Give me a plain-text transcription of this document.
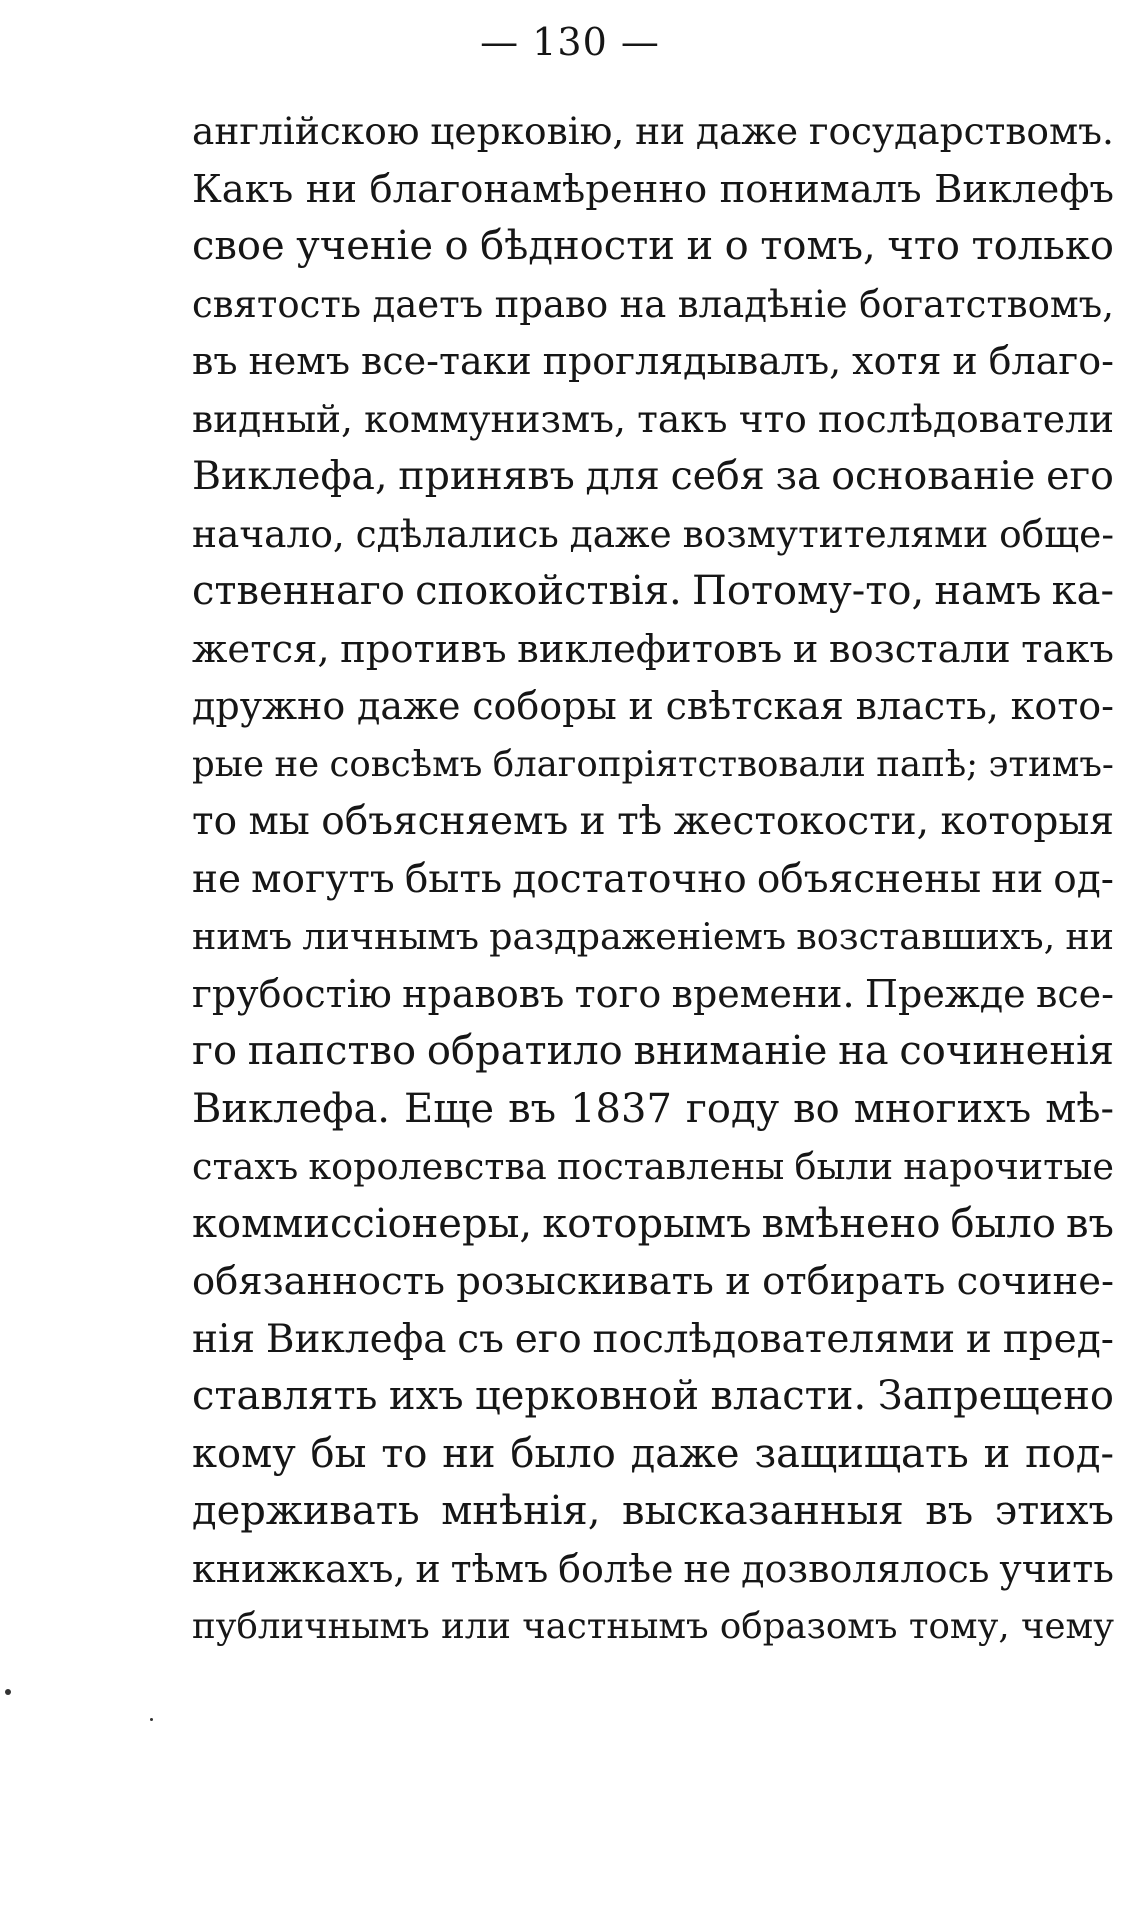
— 130 —
англійскою церковію, ни даже государствомъ.
Какъ ни благонамѣренно понималъ Виклефъ
свое ученіе о бѣдности и о томъ, что только
святость даетъ право на владѣніе богатствомъ,
въ немъ все-таки проглядывалъ, хотя и благо-
видный, коммунизмъ, такъ что послѣдователи
Виклефа, принявъ для себя за основаніе его
начало, сдѣлались даже возмутителями обще-
ственнаго спокойствія. Потому-то, намъ ка-
жется, противъ виклефитовъ и возстали такъ
дружно даже соборы и свѣтская власть, кото-
рые не совсѣмъ благопріятствовали папѣ; этимъ-
то мы объясняемъ и тѣ жестокости, которыя
не могутъ быть достаточно объяснены ни од-
нимъ личнымъ раздраженіемъ возставшихъ, ни
грубостію нравовъ того времени. Прежде все-
го папство обратило вниманіе на сочиненія
Виклефа. Еще въ 1837 году во многихъ мѣ-
стахъ королевства поставлены были нарочитые
коммиссіонеры, которымъ вмѣнено было въ
обязанность розыскивать и отбирать сочине-
нія Виклефа съ его послѣдователями и пред-
ставлять ихъ церковной власти. Запрещено
кому бы то ни было даже защищать и под-
держивать мнѣнія, высказанныя въ этихъ
книжкахъ, и тѣмъ болѣе не дозволялось учить
публичнымъ или частнымъ образомъ тому, чему
